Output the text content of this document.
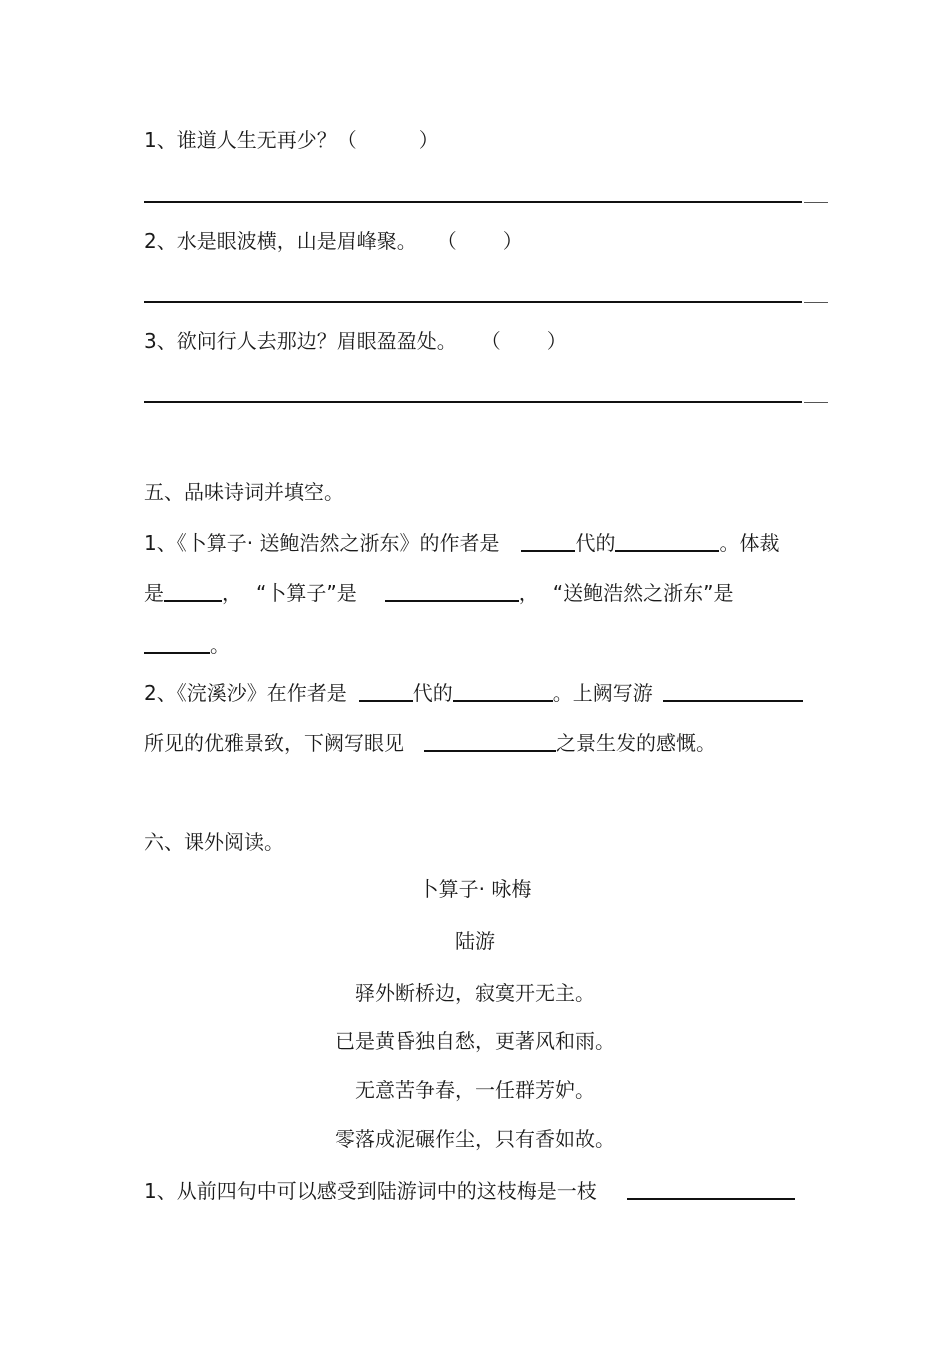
1、谁道人生无再少？（	）
2、水是眼波横，山是眉峰聚。 （ ）
3、欲问行人去那边？眉眼盈盈处。 （ ）
五、品味诗词并填空。
1、《卜算子· 送鲍浩然之浙东》的作者是	代的	。体裁
是	， “卜算子”是	， “送鲍浩然之浙东”是
。
2、《浣溪沙》在作者是	代的	。上阙写游
所见的优雅景致，下阙写眼见	之景生发的感慨。
六、课外阅读。
卜算子· 咏梅
陆游
驿外断桥边，寂寞开无主。
已是黄昏独自愁，更著风和雨。
无意苦争春，一任群芳妒。
零落成泥碾作尘，只有香如故。
1、从前四句中可以感受到陆游词中的这枝梅是一枝
